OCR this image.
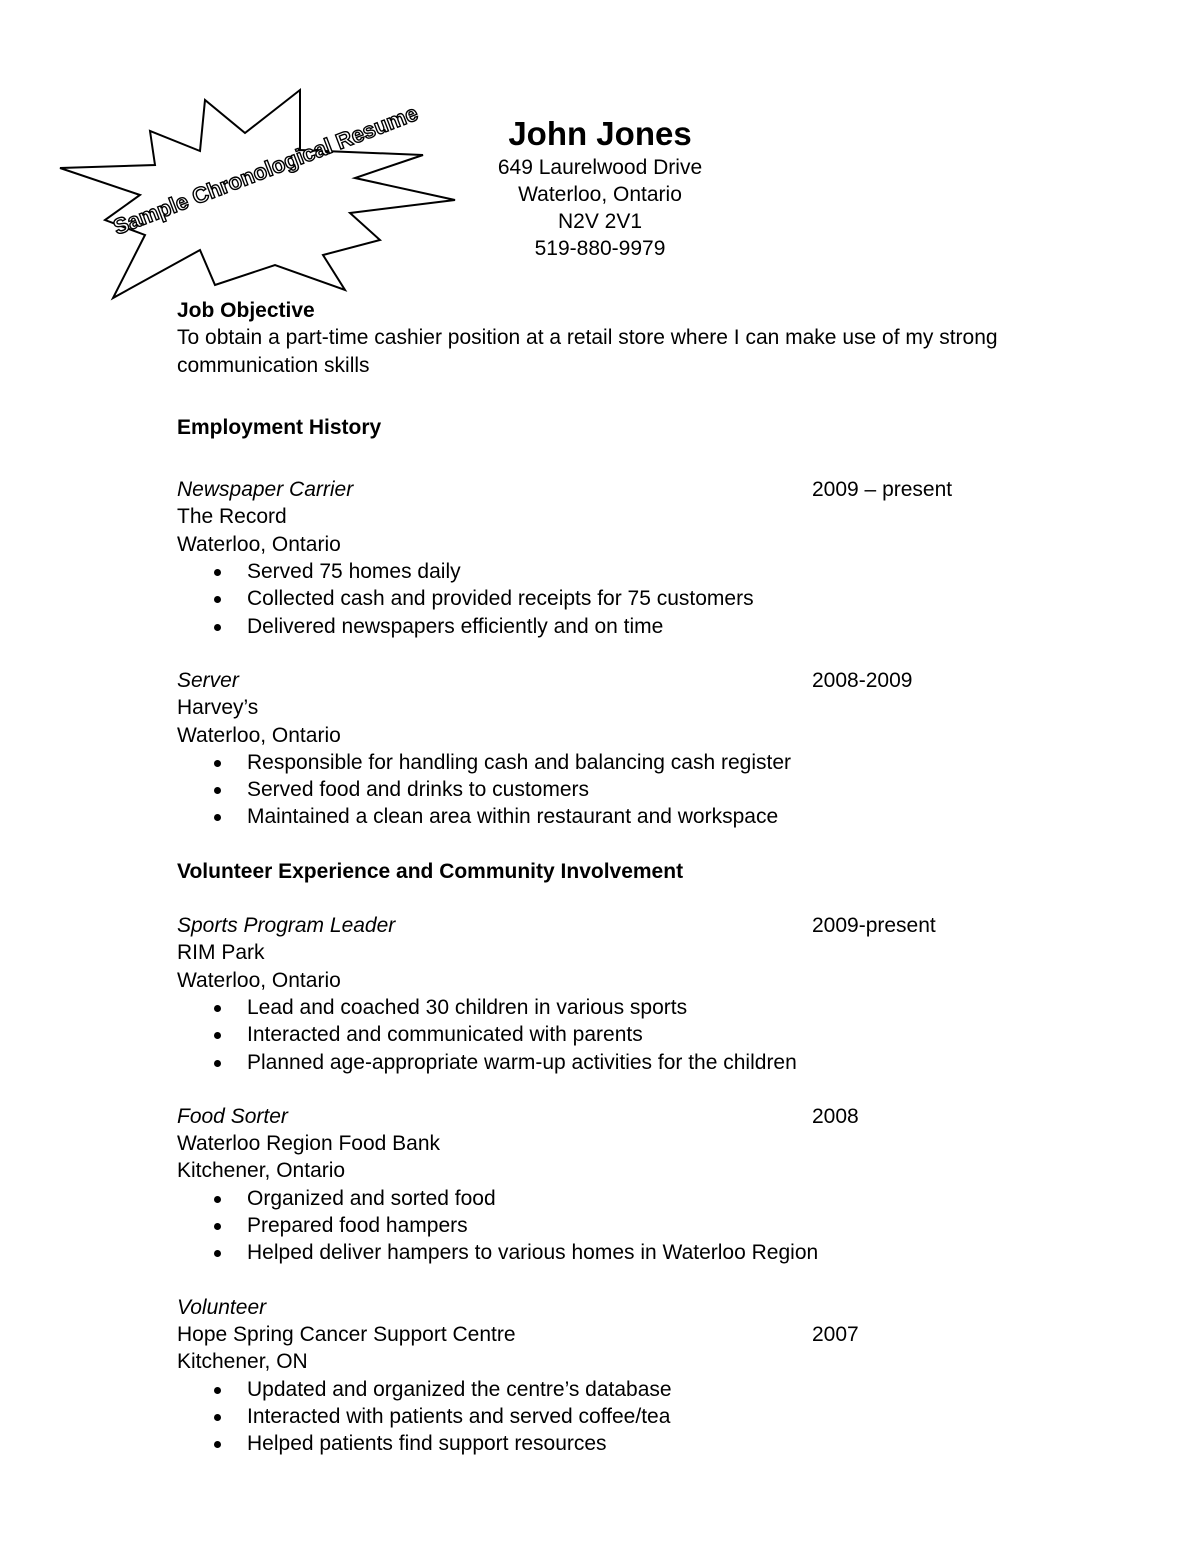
Sample Chronological Resume	John Jones
649 Laurelwood Drive
Waterloo, Ontario
N2V 2V1
519-880-9979
Job Objective

To obtain a part-time cashier position at a retail store where I can make use of my strong communication skills

Employment History
Newspaper Carrier	2009 – present
The Record
Waterloo, Ontario
Served 75 homes daily
Collected cash and provided receipts for 75 customers
Delivered newspapers efficiently and on time
Server	2008-2009
Harvey’s
Waterloo, Ontario
Responsible for handling cash and balancing cash register
Served food and drinks to customers
Maintained a clean area within restaurant and workspace
Volunteer Experience and Community Involvement
Sports Program Leader	2009-present
RIM Park
Waterloo, Ontario
Lead and coached 30 children in various sports
Interacted and communicated with parents
Planned age-appropriate warm-up activities for the children
Food Sorter	2008
Waterloo Region Food Bank
Kitchener, Ontario
Organized and sorted food
Prepared food hampers
Helped deliver hampers to various homes in Waterloo Region
Volunteer
Hope Spring Cancer Support Centre	2007
Kitchener, ON
Updated and organized the centre’s database
Interacted with patients and served coffee/tea
Helped patients find support resources
